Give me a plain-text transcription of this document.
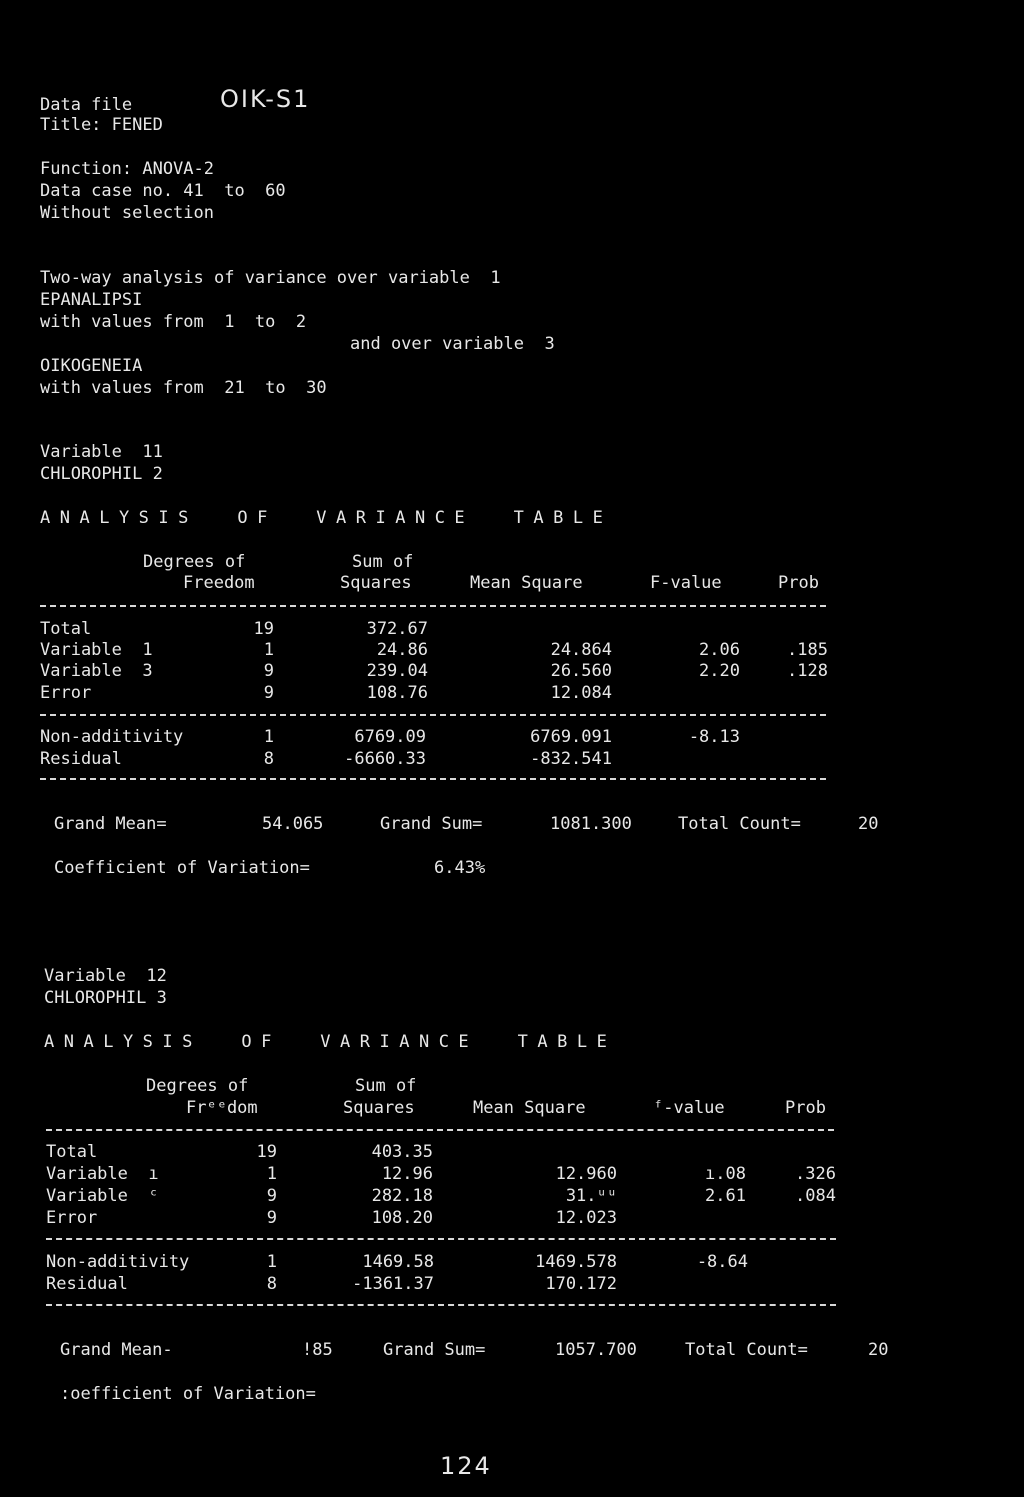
Data file	OIK-S1
Title: FENED
Function: ANOVA-2
Data case no. 41  to  60
Without selection
Two-way analysis of variance over variable  1
EPANALIPSI
with values from  1  to  2
and over variable  3
OIKOGENEIA
with values from  21  to  30
Variable  11
CHLOROPHIL 2
ANALYSIS  OF  VARIANCE  TABLE
Degrees of
Freedom
Sum of
Squares	Mean Square	F-value	Prob
Total	19	372.67
Variable  1	1	24.86	24.864	2.06	.185
Variable  3	9	239.04	26.560	2.20	.128
Error	9	108.76	12.084
Non-additivity	1	6769.09	6769.091	-8.13
Residual	8	-6660.33	-832.541
Grand Mean=	54.065	Grand Sum=	1081.300	Total Count=	20
Coefficient of Variation=	6.43%
Variable  12
CHLOROPHIL 3
ANALYSIS  OF  VARIANCE  TABLE
Degrees of
Frᵉᵉdom
Sum of
Squares	Mean Square	ᶠ-value	Prob
Total	19	403.35
Variable  ı	1	12.96	12.960	ı.08	.326
Variable  ᶜ	9	282.18	31.ᵘᵘ	2.61	.084
Error	9	108.20	12.023
Non-additivity	1	1469.58	1469.578	-8.64
Residual	8	-1361.37	170.172
Grand Mean-	!85	Grand Sum=	1057.700	Total Count=	20
:oefficient of Variation=
124
